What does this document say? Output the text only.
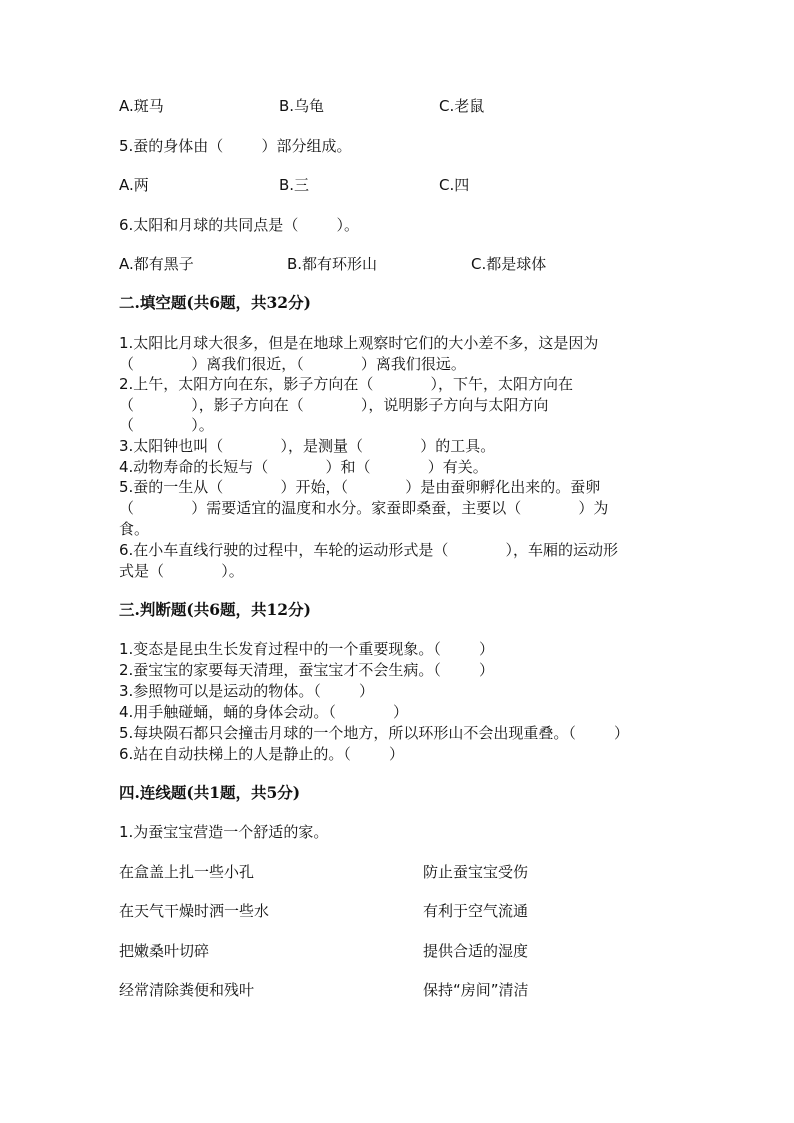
A.斑马	B.乌龟	C.老鼠
5.蚕的身体由（        ）部分组成。
A.两	B.三	C.四
6.太阳和月球的共同点是（        ）。
A.都有黑子	B.都有环形山	C.都是球体
二.填空题(共6题，共32分)
1.太阳比月球大很多，但是在地球上观察时它们的大小差不多，这是因为
（            ）离我们很近，（            ）离我们很远。
2.上午，太阳方向在东，影子方向在（            ），下午，太阳方向在
（            ），影子方向在（            ），说明影子方向与太阳方向
（            ）。
3.太阳钟也叫（            ），是测量（            ）的工具。
4.动物寿命的长短与（            ）和（            ）有关。
5.蚕的一生从（            ）开始，（            ）是由蚕卵孵化出来的。蚕卵
（            ）需要适宜的温度和水分。家蚕即桑蚕，主要以（            ）为
食。
6.在小车直线行驶的过程中，车轮的运动形式是（            ），车厢的运动形
式是（            ）。
三.判断题(共6题，共12分)
1.变态是昆虫生长发育过程中的一个重要现象。（        ）
2.蚕宝宝的家要每天清理，蚕宝宝才不会生病。（        ）
3.参照物可以是运动的物体。（        ）
4.用手触碰蛹，蛹的身体会动。（            ）
5.每块陨石都只会撞击月球的一个地方，所以环形山不会出现重叠。（        ）
6.站在自动扶梯上的人是静止的。（        ）
四.连线题(共1题，共5分)
1.为蚕宝宝营造一个舒适的家。
在盒盖上扎一些小孔	防止蚕宝宝受伤
在天气干燥时洒一些水	有利于空气流通
把嫩桑叶切碎	提供合适的湿度
经常清除粪便和残叶	保持“房间”清洁
